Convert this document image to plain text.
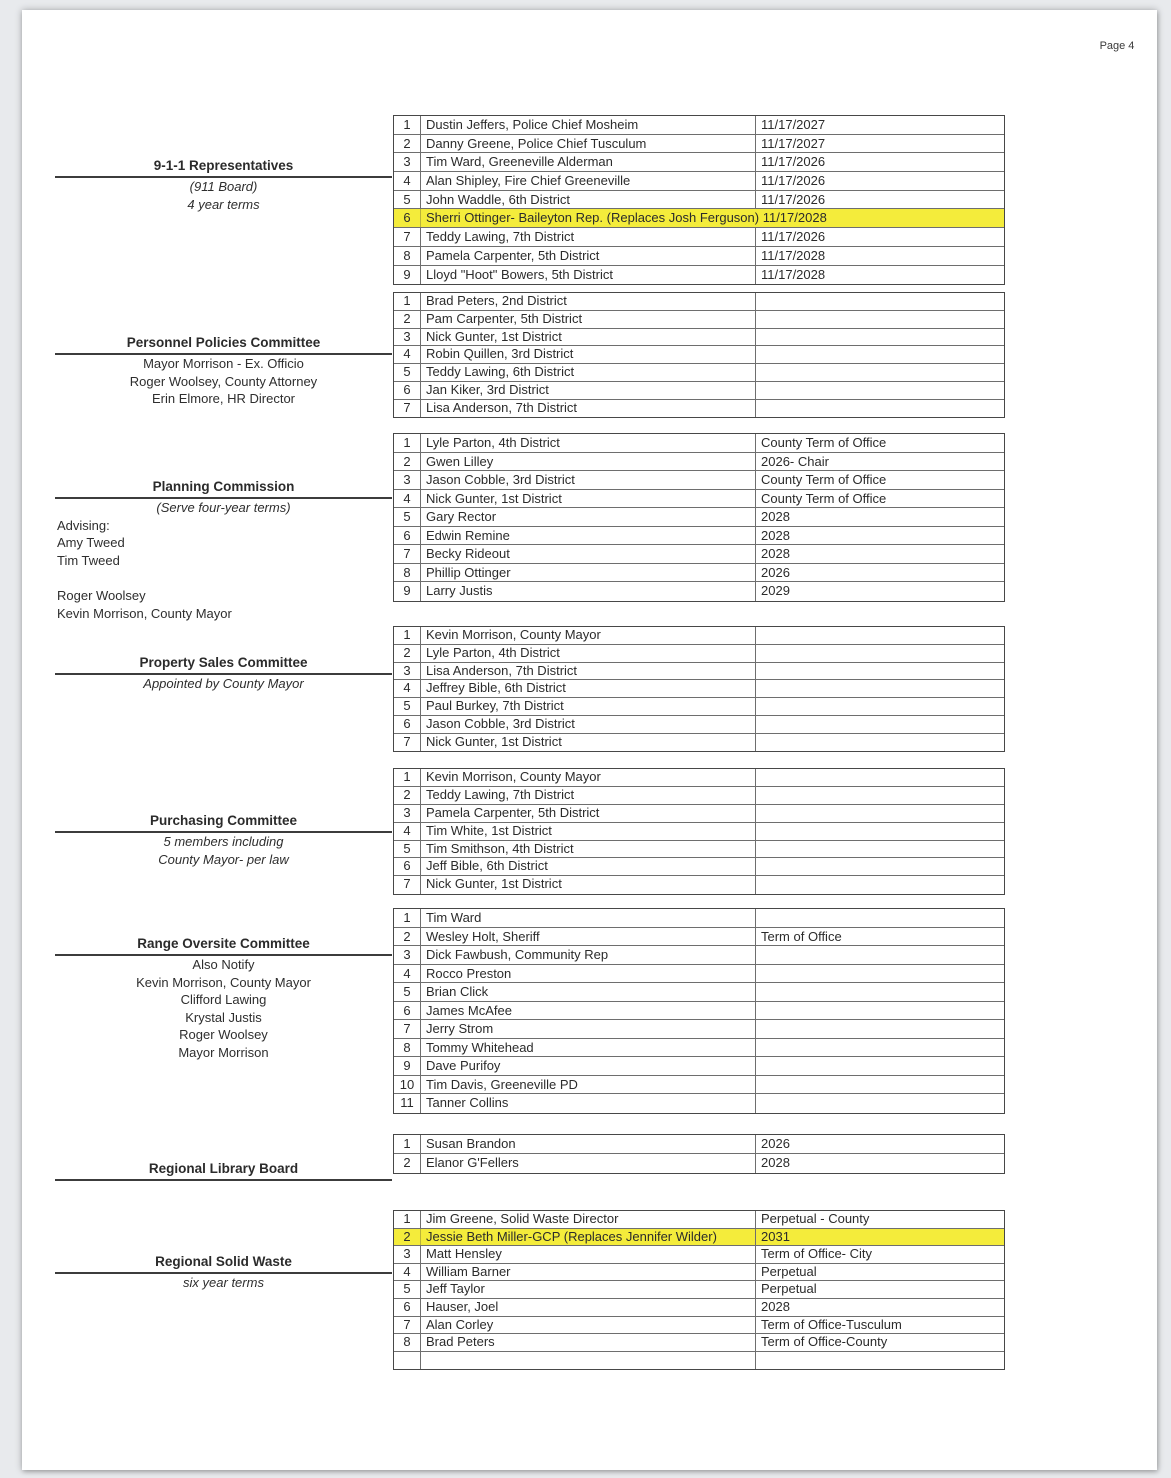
Page 4
9-1-1 Representatives
(911 Board)
4 year terms
1	Dustin Jeffers, Police Chief Mosheim	11/17/2027
2	Danny Greene, Police Chief Tusculum	11/17/2027
3	Tim Ward, Greeneville Alderman	11/17/2026
4	Alan Shipley, Fire Chief Greeneville	11/17/2026
5	John Waddle, 6th District	11/17/2026
6	Sherri Ottinger- Baileyton Rep. (Replaces Josh Ferguson) 11/17/2028
7	Teddy Lawing, 7th District	11/17/2026
8	Pamela Carpenter, 5th District	11/17/2028
9	Lloyd "Hoot" Bowers, 5th District	11/17/2028
Personnel Policies Committee
Mayor Morrison - Ex. Officio
Roger Woolsey, County Attorney
Erin Elmore, HR Director
1	Brad Peters, 2nd District
2	Pam Carpenter, 5th District
3	Nick Gunter, 1st District
4	Robin Quillen, 3rd District
5	Teddy Lawing, 6th District
6	Jan Kiker, 3rd District
7	Lisa Anderson, 7th District
Planning Commission
(Serve four-year terms)
Advising:
Amy Tweed
Tim Tweed
Roger Woolsey
Kevin Morrison, County Mayor
1	Lyle Parton, 4th District	County Term of Office
2	Gwen Lilley	2026- Chair
3	Jason Cobble, 3rd District	County Term of Office
4	Nick Gunter, 1st District	County Term of Office
5	Gary Rector	2028
6	Edwin Remine	2028
7	Becky Rideout	2028
8	Phillip Ottinger	2026
9	Larry Justis	2029
Property Sales Committee
Appointed by County Mayor
1	Kevin Morrison, County Mayor
2	Lyle Parton, 4th District
3	Lisa Anderson, 7th District
4	Jeffrey Bible, 6th District
5	Paul Burkey, 7th District
6	Jason Cobble, 3rd District
7	Nick Gunter, 1st District
Purchasing Committee
5 members including
County Mayor- per law
1	Kevin Morrison, County Mayor
2	Teddy Lawing, 7th District
3	Pamela Carpenter, 5th District
4	Tim White, 1st District
5	Tim Smithson, 4th District
6	Jeff Bible, 6th District
7	Nick Gunter, 1st District
Range Oversite Committee
Also Notify
Kevin Morrison, County Mayor
Clifford Lawing
Krystal Justis
Roger Woolsey
Mayor Morrison
1	Tim Ward
2	Wesley Holt, Sheriff	Term of Office
3	Dick Fawbush, Community Rep
4	Rocco Preston
5	Brian Click
6	James McAfee
7	Jerry Strom
8	Tommy Whitehead
9	Dave Purifoy
10 Tim Davis, Greeneville PD
11 Tanner Collins
Regional Library Board
1	Susan Brandon	2026
2	Elanor G'Fellers	2028
Regional Solid Waste
six year terms
1	Jim Greene, Solid Waste Director	Perpetual - County
2	Jessie Beth Miller-GCP (Replaces Jennifer Wilder)	2031
3	Matt Hensley	Term of Office- City
4	William Barner	Perpetual
5	Jeff Taylor	Perpetual
6	Hauser, Joel	2028
7	Alan Corley	Term of Office-Tusculum
8	Brad Peters	Term of Office-County
